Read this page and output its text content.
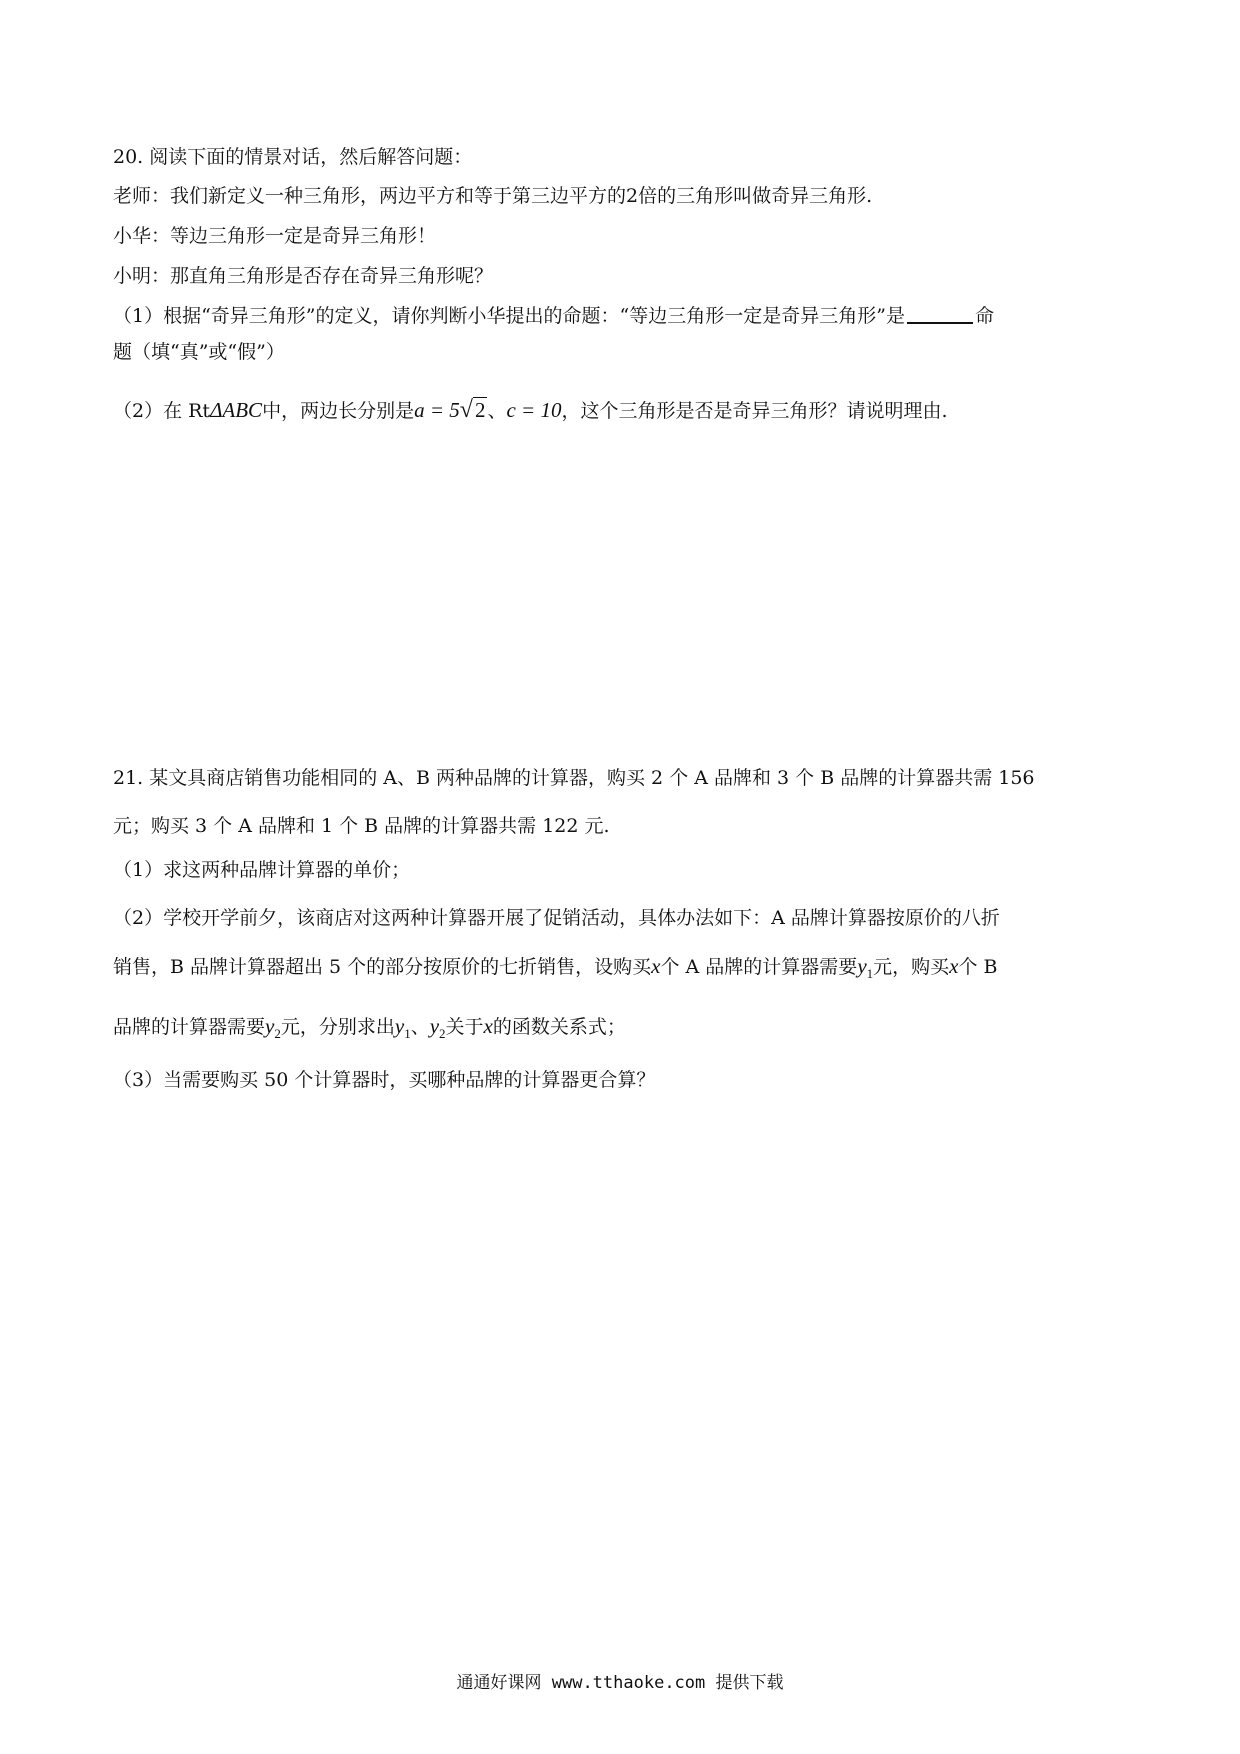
20. 阅读下面的情景对话，然后解答问题：
老师：我们新定义一种三角形，两边平方和等于第三边平方的2倍的三角形叫做奇异三角形.
小华：等边三角形一定是奇异三角形！
小明：那直角三角形是否存在奇异三角形呢？
（1）根据“奇异三角形”的定义，请你判断小华提出的命题：“等边三角形一定是奇异三角形”是	命
题（填“真”或“假”）
（2）在 RtΔABC中，两边长分别是a = 5√2 、c = 10，这个三角形是否是奇异三角形？请说明理由.
21. 某文具商店销售功能相同的 A、B 两种品牌的计算器，购买 2 个 A 品牌和 3 个 B 品牌的计算器共需 156
元；购买 3 个 A 品牌和 1 个 B 品牌的计算器共需 122 元.
（1）求这两种品牌计算器的单价；
（2）学校开学前夕，该商店对这两种计算器开展了促销活动，具体办法如下：A 品牌计算器按原价的八折
销售，B 品牌计算器超出 5 个的部分按原价的七折销售，设购买x个 A 品牌的计算器需要$y_1$元，购买x个 B
品牌的计算器需要$y_2$元，分别求出$y_1$、$y_2$关于x的函数关系式；
（3）当需要购买 50 个计算器时，买哪种品牌的计算器更合算？
通通好课网 www.tthaoke.com 提供下载
